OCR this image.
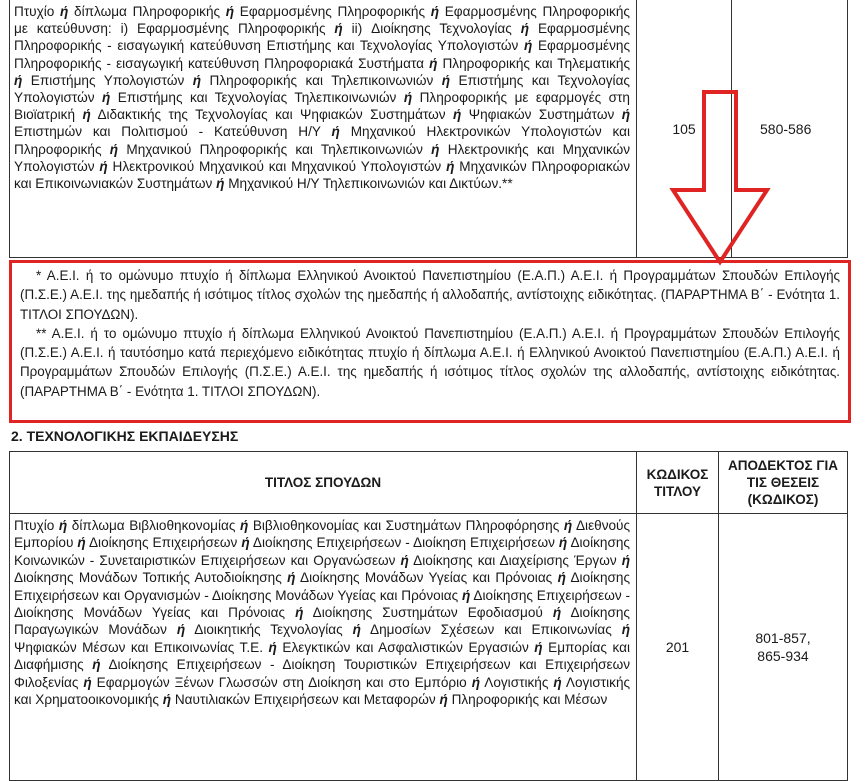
Πτυχίο ή δίπλωμα Πληροφορικής ή Εφαρμοσμένης Πληροφορικής ή Εφαρμοσμένης Πληροφορικής με κατεύθυνση: i) Εφαρμοσμένης Πληροφορικής ή ii) Διοίκησης Τεχνολογίας ή Εφαρμοσμένης Πληροφορικής - εισαγωγική κατεύθυνση Επιστήμης και Τεχνολογίας Υπολογιστών ή Εφαρμοσμένης Πληροφορικής - εισαγωγική κατεύθυνση Πληροφοριακά Συστήματα ή Πληροφορικής και Τηλεματικής ή Επιστήμης Υπολογιστών ή Πληροφορικής και Τηλεπικοινωνιών ή Επιστήμης και Τεχνολογίας Υπολογιστών ή Επιστήμης και Τεχνολογίας Τηλεπικοινωνιών ή Πληροφορικής με εφαρμογές στη Βιοϊατρική ή Διδακτικής της Τεχνολογίας και Ψηφιακών Συστημάτων ή Ψηφιακών Συστημάτων ή Επιστημών και Πολιτισμού - Κατεύθυνση Η/Υ ή Μηχανικού Ηλεκτρονικών Υπολογιστών και Πληροφορικής ή Μηχανικού Πληροφορικής και Τηλεπικοινωνιών ή Ηλεκτρονικής και Μηχανικών Υπολογιστών ή Ηλεκτρονικού Μηχανικού και Μηχανικού Υπολογιστών ή Μηχανικών Πληροφοριακών και Επικοινωνιακών Συστημάτων ή Μηχανικού Η/Υ Τηλεπικοινωνιών και Δικτύων.**
105	580-586

* Α.Ε.Ι. ή το ομώνυμο πτυχίο ή δίπλωμα Ελληνικού Ανοικτού Πανεπιστημίου (Ε.Α.Π.) Α.Ε.Ι. ή Προγραμμάτων Σπουδών Επιλογής (Π.Σ.Ε.) Α.Ε.Ι. της ημεδαπής ή ισότιμος τίτλος σχολών της ημεδαπής ή αλλοδαπής, αντίστοιχης ειδικότητας. (ΠΑΡΑΡΤΗΜΑ Β΄ - Ενότητα 1. ΤΙΤΛΟΙ ΣΠΟΥΔΩΝ).

** Α.Ε.Ι. ή το ομώνυμο πτυχίο ή δίπλωμα Ελληνικού Ανοικτού Πανεπιστημίου (Ε.Α.Π.) Α.Ε.Ι. ή Προγραμμάτων Σπουδών Επιλογής (Π.Σ.Ε.) Α.Ε.Ι. ή ταυτόσημο κατά περιεχόμενο ειδικότητας πτυχίο ή δίπλωμα Α.Ε.Ι. ή Ελληνικού Ανοικτού Πανεπιστημίου (Ε.Α.Π.) Α.Ε.Ι. ή Προγραμμάτων Σπουδών Επιλογής (Π.Σ.Ε.) Α.Ε.Ι. της ημεδαπής ή ισότιμος τίτλος σχολών της αλλοδαπής, αντίστοιχης ειδικότητας. (ΠΑΡΑΡΤΗΜΑ Β΄ - Ενότητα 1. ΤΙΤΛΟΙ ΣΠΟΥΔΩΝ).

2. ΤΕΧΝΟΛΟΓΙΚΗΣ ΕΚΠΑΙΔΕΥΣΗΣ
ΤΙΤΛΟΣ ΣΠΟΥΔΩΝ
ΚΩΔΙΚΟΣ ΤΙΤΛΟΥ
ΑΠΟΔΕΚΤΟΣ ΓΙΑ ΤΙΣ ΘΕΣΕΙΣ (ΚΩΔΙΚΟΣ)
Πτυχίο ή δίπλωμα Βιβλιοθηκονομίας ή Βιβλιοθηκονομίας και Συστημάτων Πληροφόρησης ή Διεθνούς Εμπορίου ή Διοίκησης Επιχειρήσεων ή Διοίκησης Επιχειρήσεων - Διοίκηση Επιχειρήσεων ή Διοίκησης Κοινωνικών - Συνεταιριστικών Επιχειρήσεων και Οργανώσεων ή Διοίκησης και Διαχείρισης Έργων ή Διοίκησης Μονάδων Τοπικής Αυτοδιοίκησης ή Διοίκησης Μονάδων Υγείας και Πρόνοιας ή Διοίκησης Επιχειρήσεων και Οργανισμών - Διοίκησης Μονάδων Υγείας και Πρόνοιας ή Διοίκησης Επιχειρήσεων - Διοίκησης Μονάδων Υγείας και Πρόνοιας ή Διοίκησης Συστημάτων Εφοδιασμού ή Διοίκησης Παραγωγικών Μονάδων ή Διοικητικής Τεχνολογίας ή Δημοσίων Σχέσεων και Επικοινωνίας ή Ψηφιακών Μέσων και Επικοινωνίας Τ.Ε. ή Ελεγκτικών και Ασφαλιστικών Εργασιών ή Εμπορίας και Διαφήμισης ή Διοίκησης Επιχειρήσεων - Διοίκηση Τουριστικών Επιχειρήσεων και Επιχειρήσεων Φιλοξενίας ή Εφαρμογών Ξένων Γλωσσών στη Διοίκηση και στο Εμπόριο ή Λογιστικής ή Λογιστικής και Χρηματοοικονομικής ή Ναυτιλιακών Επιχειρήσεων και Μεταφορών ή Πληροφορικής και Μέσων
201
801-857,
865-934
